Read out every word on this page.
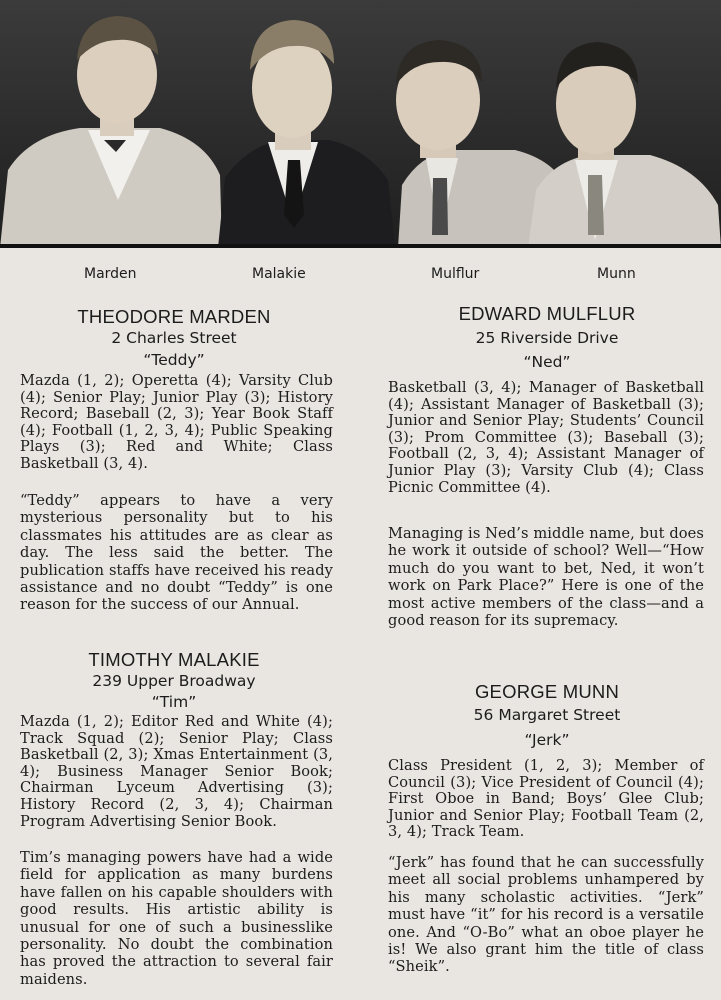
Marden	Malakie	Mulflur	Munn
THEODORE MARDEN
2 Charles Street
“Teddy”
Mazda (1, 2); Operetta (4); Varsity Club (4); Senior Play; Junior Play (3); History Record; Baseball (2, 3); Year Book Staff (4); Football (1, 2, 3, 4); Public Speaking Plays (3); Red and White; Class Basketball (3, 4).
“Teddy” appears to have a very mysterious personality but to his classmates his attitudes are as clear as day. The less said the better. The publication staffs have received his ready assistance and no doubt “Teddy” is one reason for the success of our Annual.
TIMOTHY MALAKIE
239 Upper Broadway
“Tim”
Mazda (1, 2); Editor Red and White (4); Track Squad (2); Senior Play; Class Basketball (2, 3); Xmas Entertainment (3, 4); Business Manager Senior Book; Chairman Lyceum Advertising (3); History Record (2, 3, 4); Chairman Program Advertising Senior Book.
Tim’s managing powers have had a wide field for application as many burdens have fallen on his capable shoulders with good results. His artistic ability is unusual for one of such a businesslike personality. No doubt the combination has proved the attraction to several fair maidens.
EDWARD MULFLUR
25 Riverside Drive
“Ned”
Basketball (3, 4); Manager of Basketball (4); Assistant Manager of Basketball (3); Junior and Senior Play; Students’ Council (3); Prom Committee (3); Baseball (3); Football (2, 3, 4); Assistant Manager of Junior Play (3); Varsity Club (4); Class Picnic Committee (4).
Managing is Ned’s middle name, but does he work it outside of school? Well—“How much do you want to bet, Ned, it won’t work on Park Place?” Here is one of the most active members of the class—and a good reason for its supremacy.
GEORGE MUNN
56 Margaret Street
“Jerk”
Class President (1, 2, 3); Member of Council (3); Vice President of Council (4); First Oboe in Band; Boys’ Glee Club; Junior and Senior Play; Football Team (2, 3, 4); Track Team.
“Jerk” has found that he can successfully meet all social problems unhampered by his many scholastic activities. “Jerk” must have “it” for his record is a versatile one. And “O-Bo” what an oboe player he is! We also grant him the title of class “Sheik”.
